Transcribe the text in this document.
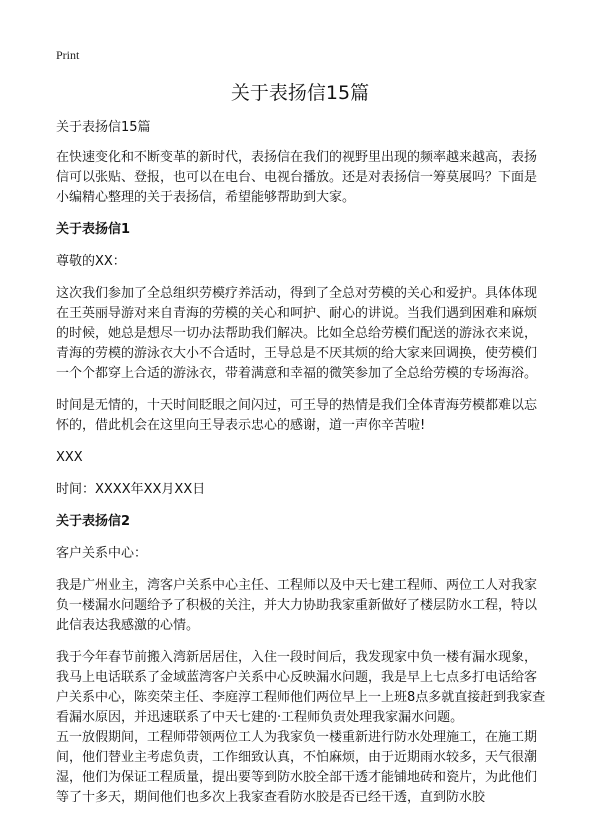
Print
关于表扬信15篇

关于表扬信15篇

在快速变化和不断变革的新时代，表扬信在我们的视野里出现的频率越来越高，表扬信可以张贴、登报，也可以在电台、电视台播放。还是对表扬信一筹莫展吗？下面是小编精心整理的关于表扬信，希望能够帮助到大家。

关于表扬信1

尊敬的XX：

这次我们参加了全总组织劳模疗养活动，得到了全总对劳模的关心和爱护。具体体现在王英丽导游对来自青海的劳模的关心和呵护、耐心的讲说。当我们遇到困难和麻烦的时候，她总是想尽一切办法帮助我们解决。比如全总给劳模们配送的游泳衣来说，青海的劳模的游泳衣大小不合适时，王导总是不厌其烦的给大家来回调换，使劳模们一个个都穿上合适的游泳衣，带着满意和幸福的微笑参加了全总给劳模的专场海浴。

时间是无情的，十天时间眨眼之间闪过，可王导的热情是我们全体青海劳模都难以忘怀的，借此机会在这里向王导表示忠心的感谢，道一声你辛苦啦!

XXX

时间：XXXX年XX月XX日

关于表扬信2

客户关系中心：

我是广州业主，湾客户关系中心主任、工程师以及中天七建工程师、两位工人对我家负一楼漏水问题给予了积极的关注，并大力协助我家重新做好了楼层防水工程，特以此信表达我感激的心情。

我于今年春节前搬入湾新居居住，入住一段时间后，我发现家中负一楼有漏水现象，我马上电话联系了金域蓝湾客户关系中心反映漏水问题，我是早上七点多打电话给客户关系中心，陈奕荣主任、李庭淳工程师他们两位早上一上班8点多就直接赶到我家查看漏水原因，并迅速联系了中天七建的·工程师负责处理我家漏水问题。

五一放假期间，工程师带领两位工人为我家负一楼重新进行防水处理施工，在施工期间，他们替业主考虑负责，工作细致认真，不怕麻烦，由于近期雨水较多，天气很潮湿，他们为保证工程质量，提出要等到防水胶全部干透才能铺地砖和瓷片，为此他们等了十多天，期间他们也多次上我家查看防水胶是否已经干透，直到防水胶
